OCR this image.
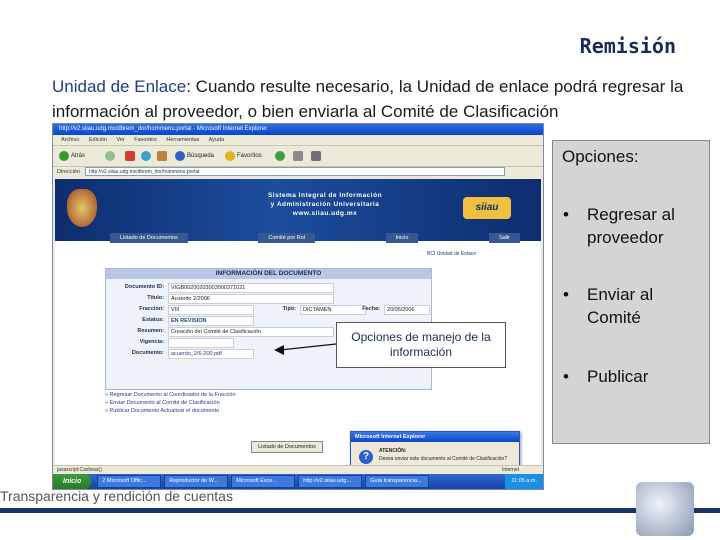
Remisión
Unidad de Enlace: Cuando resulte necesario, la Unidad de enlace podrá regresar la información al proveedor, o bien enviarla al Comité de Clasificación
http://v2.siiau.udg.mx/dbrem_dor/hommenu.portal - Microsoft Internet Explorer
Archivo Edición Ver Favoritos Herramientas Ayuda
Atrás	Búsqueda	Favoritos
Dirección	http://v2.siiau.udg.mx/dbrem_dor/hommenu.portal
Sistema Integral de Información
y Administración Universitaria
www.siiau.udg.mx
siiau
Listado de Documentos	Comité por Rol	Inicio	Salir
BCI Unidad de Enlace
INFORMACIÓN DEL DOCUMENTO
Documento ID:	VIGB00200203003000371021
Título:	Acuerdo 2/2006
Fracción:	VIII	Tipo:	DICTAMEN	Fecha:	20/06/2006
Estatus:	EN REVISION
Resumen:	Creación del Comité de Clasificación
Vigencia:
Documento:	acuerdo_2/6-200.pdf
» Regresar Documento al Coordinador de la Fracción
» Enviar Documento al Comité de Clasificación
» Publicar Documento Actualizar el documento
Listado de Documentos
Microsoft Internet Explorer
?	ATENCIÓN:
Desea enviar este documento al Comité de Clasificación?
javascript:Cashear()	Internet
Inicio	2 Microsoft Offic...	Reproductor de W...	Microsoft Exce...	http://v2.siiau.udg...	Guía transparencia...	11:05 a.m.
Opciones de manejo de la información
Opciones:
•	Regresar al proveedor
•	Enviar al Comité
•	Publicar
Transparencia y rendición de cuentas
